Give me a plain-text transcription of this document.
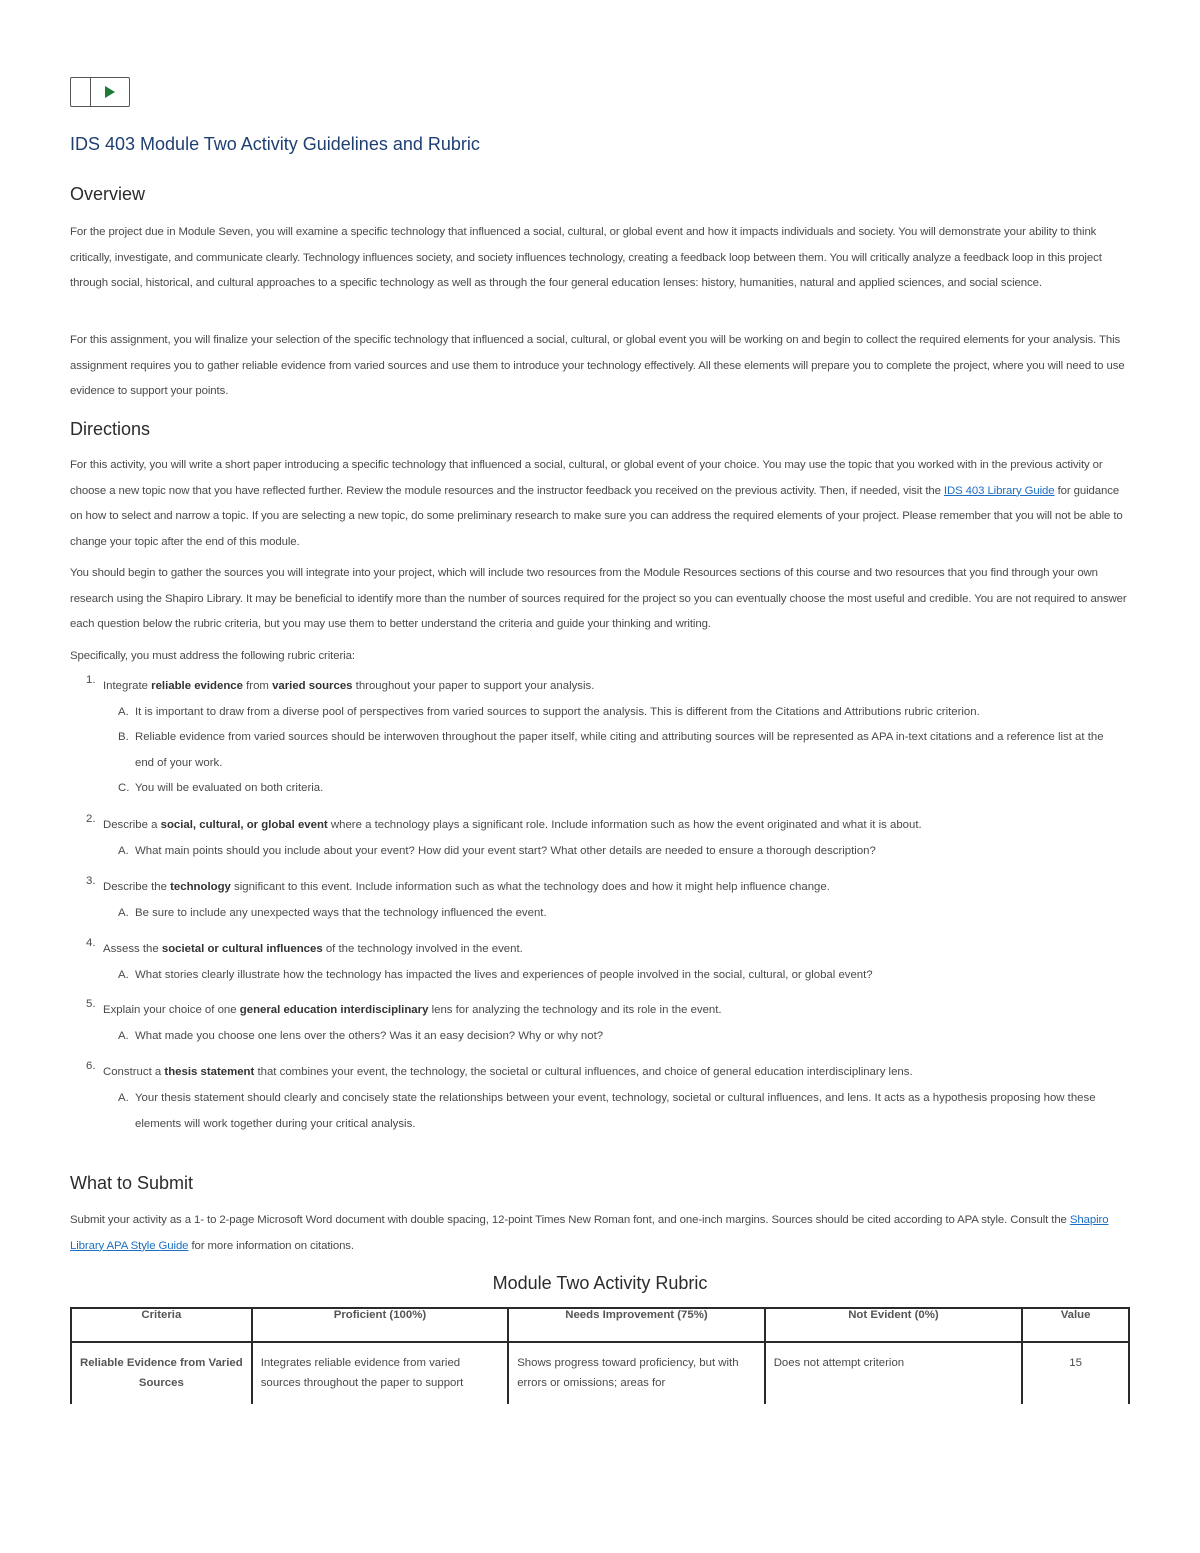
IDS 403 Module Two Activity Guidelines and Rubric
Overview

For the project due in Module Seven, you will examine a specific technology that influenced a social, cultural, or global event and how it impacts individuals and society. You will demonstrate your ability to think critically, investigate, and communicate clearly. Technology influences society, and society influences technology, creating a feedback loop between them. You will critically analyze a feedback loop in this project through social, historical, and cultural approaches to a specific technology as well as through the four general education lenses: history, humanities, natural and applied sciences, and social science.

For this assignment, you will finalize your selection of the specific technology that influenced a social, cultural, or global event you will be working on and begin to collect the required elements for your analysis. This assignment requires you to gather reliable evidence from varied sources and use them to introduce your technology effectively. All these elements will prepare you to complete the project, where you will need to use evidence to support your points.

Directions

For this activity, you will write a short paper introducing a specific technology that influenced a social, cultural, or global event of your choice. You may use the topic that you worked with in the previous activity or choose a new topic now that you have reflected further. Review the module resources and the instructor feedback you received on the previous activity. Then, if needed, visit the IDS 403 Library Guide for guidance on how to select and narrow a topic. If you are selecting a new topic, do some preliminary research to make sure you can address the required elements of your project. Please remember that you will not be able to change your topic after the end of this module.

You should begin to gather the sources you will integrate into your project, which will include two resources from the Module Resources sections of this course and two resources that you find through your own research using the Shapiro Library. It may be beneficial to identify more than the number of sources required for the project so you can eventually choose the most useful and credible. You are not required to answer each question below the rubric criteria, but you may use them to better understand the criteria and guide your thinking and writing.

Specifically, you must address the following rubric criteria:

1. Integrate reliable evidence from varied sources throughout your paper to support your analysis.
A. It is important to draw from a diverse pool of perspectives from varied sources to support the analysis. This is different from the Citations and Attributions rubric criterion.
B. Reliable evidence from varied sources should be interwoven throughout the paper itself, while citing and attributing sources will be represented as APA in-text citations and a reference list at the end of your work.
C. You will be evaluated on both criteria.
2. Describe a social, cultural, or global event where a technology plays a significant role. Include information such as how the event originated and what it is about.
A. What main points should you include about your event? How did your event start? What other details are needed to ensure a thorough description?
3. Describe the technology significant to this event. Include information such as what the technology does and how it might help influence change.
A. Be sure to include any unexpected ways that the technology influenced the event.
4. Assess the societal or cultural influences of the technology involved in the event.
A. What stories clearly illustrate how the technology has impacted the lives and experiences of people involved in the social, cultural, or global event?
5. Explain your choice of one general education interdisciplinary lens for analyzing the technology and its role in the event.
A. What made you choose one lens over the others? Was it an easy decision? Why or why not?
6. Construct a thesis statement that combines your event, the technology, the societal or cultural influences, and choice of general education interdisciplinary lens.
A. Your thesis statement should clearly and concisely state the relationships between your event, technology, societal or cultural influences, and lens. It acts as a hypothesis proposing how these elements will work together during your critical analysis.
What to Submit

Submit your activity as a 1- to 2-page Microsoft Word document with double spacing, 12-point Times New Roman font, and one-inch margins. Sources should be cited according to APA style. Consult the Shapiro Library APA Style Guide for more information on citations.

Module Two Activity Rubric
Criteria	Proficient (100%)	Needs Improvement (75%)	Not Evident (0%)	Value
Reliable Evidence from Varied Sources	Integrates reliable evidence from varied sources throughout the paper to support	Shows progress toward proficiency, but with errors or omissions; areas for	Does not attempt criterion	15
